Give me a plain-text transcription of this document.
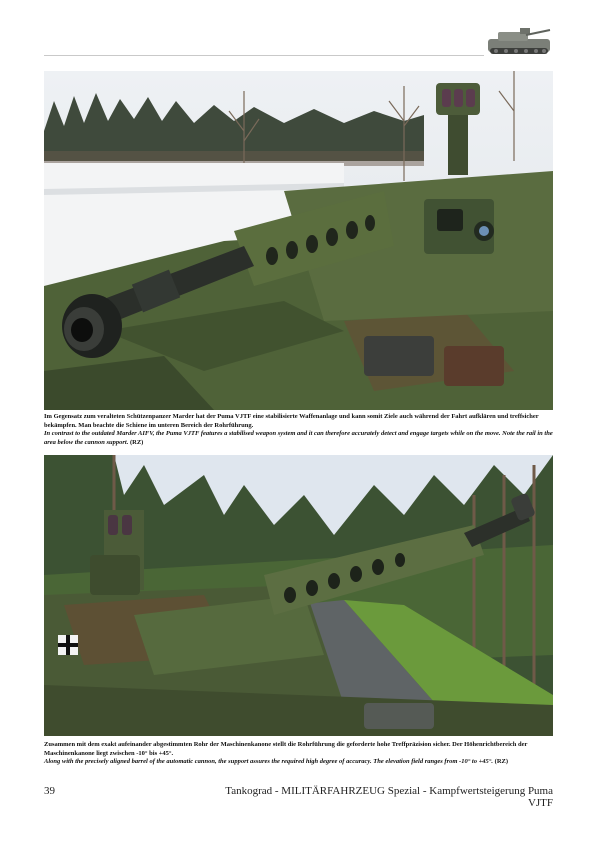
Im Gegensatz zum veralteten Schützenpanzer Marder hat der Puma VJTF eine stabilisierte Waffenanlage und kann somit Ziele auch während der Fahrt aufklären und treffsicher bekämpfen. Man beachte die Schiene im unteren Bereich der Rohrführung.
In contrast to the outdated Marder AIFV, the Puma VJTF features a stabilised weapon system and it can therefore accurately detect and engage targets while on the move. Note the rail in the area below the cannon support. (RZ)
Zusammen mit dem exakt aufeinander abgestimmten Rohr der Maschinenkanone stellt die Rohrführung die geforderte hohe Treffpräzision sicher. Der Höhenrichtbereich der Maschinenkanone liegt zwischen -10° bis +45°.
Along with the precisely aligned barrel of the automatic cannon, the support assures the required high degree of accuracy. The elevation field ranges from -10° to +45°. (RZ)
39	Tankograd - MILITÄRFAHRZEUG Spezial - Kampfwertsteigerung Puma VJTF
